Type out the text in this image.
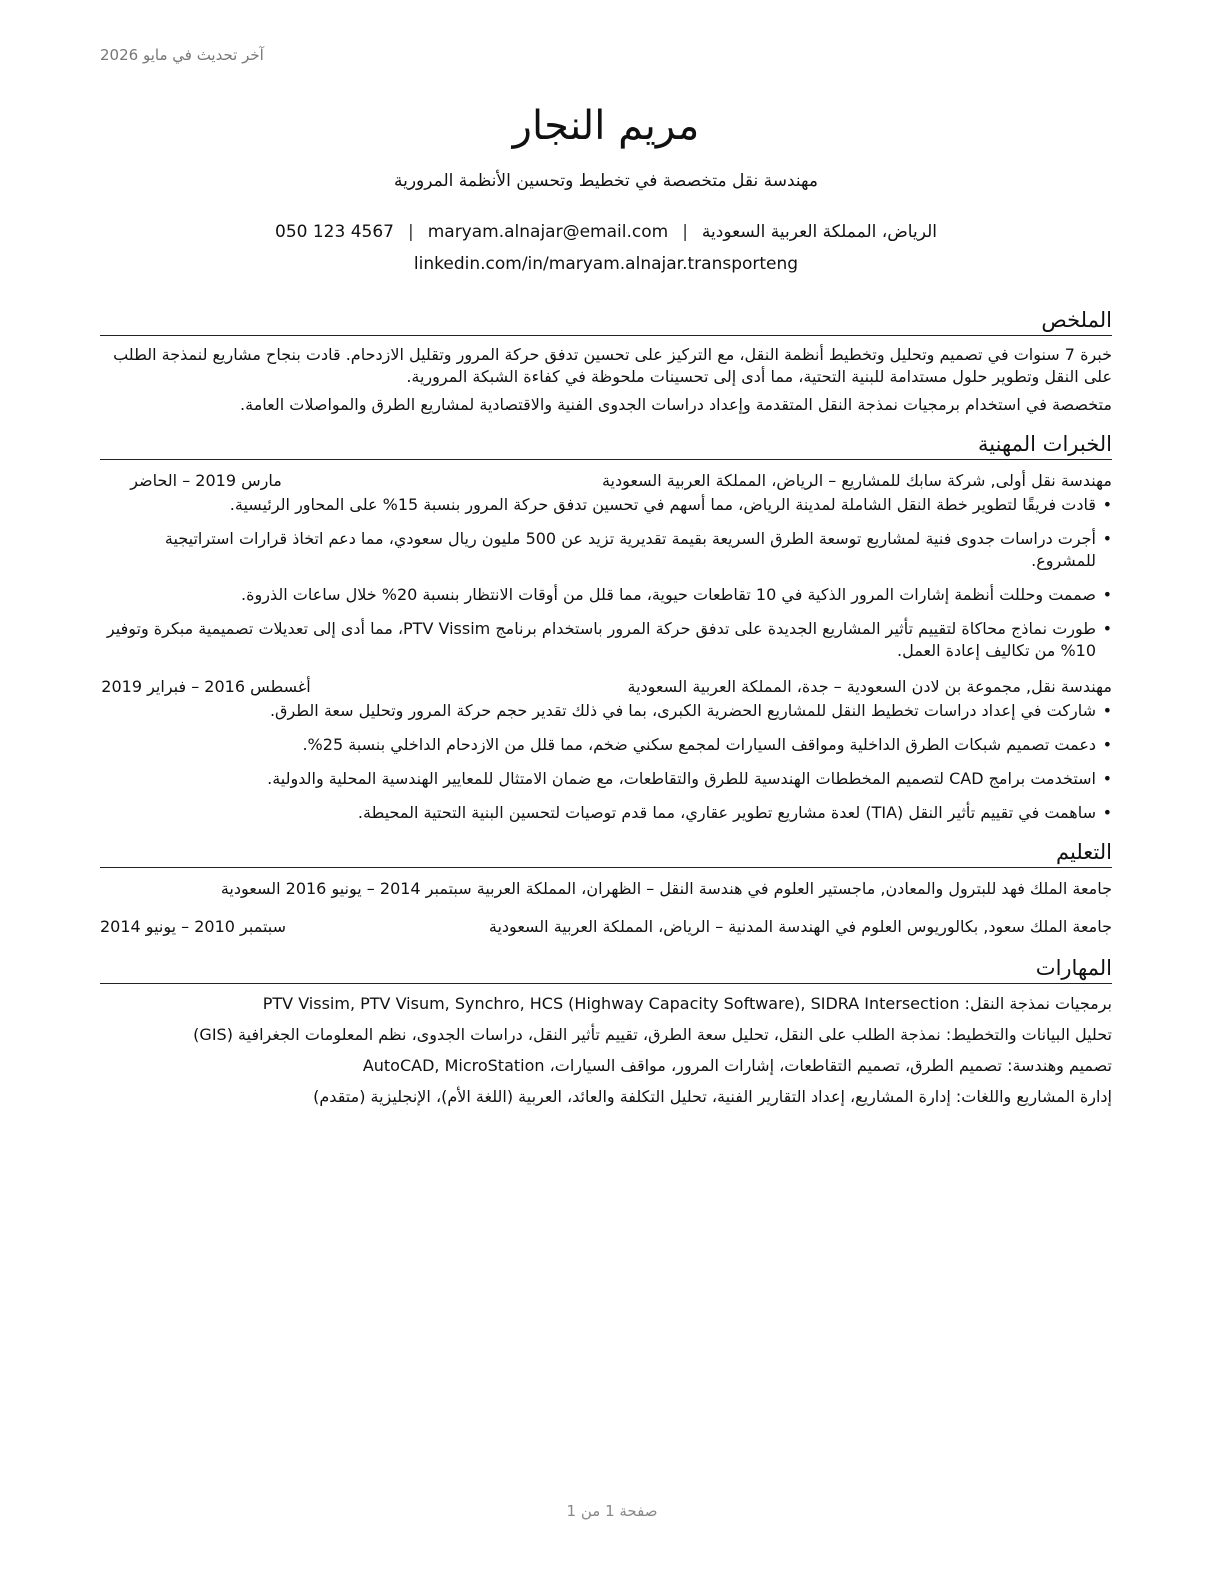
آخر تحديث في مايو 2026
مريم النجار
مهندسة نقل متخصصة في تخطيط وتحسين الأنظمة المرورية
الرياض، المملكة العربية السعودية|maryam.alnajar@email.com|050 123 4567
linkedin.com/in/maryam.alnajar.transporteng
الملخص

خبرة 7 سنوات في تصميم وتحليل وتخطيط أنظمة النقل، مع التركيز على تحسين تدفق حركة المرور وتقليل الازدحام. قادت بنجاح مشاريع لنمذجة الطلب على النقل وتطوير حلول مستدامة للبنية التحتية، مما أدى إلى تحسينات ملحوظة في كفاءة الشبكة المرورية.

متخصصة في استخدام برمجيات نمذجة النقل المتقدمة وإعداد دراسات الجدوى الفنية والاقتصادية لمشاريع الطرق والمواصلات العامة.

الخبرات المهنية
مهندسة نقل أولى, شركة سابك للمشاريع – الرياض، المملكة العربية السعودية
مارس 2019 – الحاضر
•
قادت فريقًا لتطوير خطة النقل الشاملة لمدينة الرياض، مما أسهم في تحسين تدفق حركة المرور بنسبة 15% على المحاور الرئيسية.
•
أجرت دراسات جدوى فنية لمشاريع توسعة الطرق السريعة بقيمة تقديرية تزيد عن 500 مليون ريال سعودي، مما دعم اتخاذ قرارات استراتيجية للمشروع.
•
صممت وحللت أنظمة إشارات المرور الذكية في 10 تقاطعات حيوية، مما قلل من أوقات الانتظار بنسبة 20% خلال ساعات الذروة.
•
طورت نماذج محاكاة لتقييم تأثير المشاريع الجديدة على تدفق حركة المرور باستخدام برنامج PTV Vissim، مما أدى إلى تعديلات تصميمية مبكرة وتوفير 10% من تكاليف إعادة العمل.
مهندسة نقل, مجموعة بن لادن السعودية – جدة، المملكة العربية السعودية
أغسطس 2016 – فبراير 2019
•
شاركت في إعداد دراسات تخطيط النقل للمشاريع الحضرية الكبرى، بما في ذلك تقدير حجم حركة المرور وتحليل سعة الطرق.
•
دعمت تصميم شبكات الطرق الداخلية ومواقف السيارات لمجمع سكني ضخم، مما قلل من الازدحام الداخلي بنسبة 25%.
•
استخدمت برامج CAD لتصميم المخططات الهندسية للطرق والتقاطعات، مع ضمان الامتثال للمعايير الهندسية المحلية والدولية.
•
ساهمت في تقييم تأثير النقل (TIA) لعدة مشاريع تطوير عقاري، مما قدم توصيات لتحسين البنية التحتية المحيطة.
التعليم
جامعة الملك فهد للبترول والمعادن, ماجستير العلوم في هندسة النقل – الظهران، المملكة العربية سبتمبر 2014 – يونيو 2016 السعودية
جامعة الملك سعود, بكالوريوس العلوم في الهندسة المدنية – الرياض، المملكة العربية السعودية
سبتمبر 2010 – يونيو 2014
المهارات
برمجيات نمذجة النقل: PTV Vissim, PTV Visum, Synchro, HCS (Highway Capacity Software), SIDRA Intersection
تحليل البيانات والتخطيط: نمذجة الطلب على النقل، تحليل سعة الطرق، تقييم تأثير النقل، دراسات الجدوى، نظم المعلومات الجغرافية (GIS)
تصميم وهندسة: تصميم الطرق، تصميم التقاطعات، إشارات المرور، مواقف السيارات، AutoCAD, MicroStation
إدارة المشاريع واللغات: إدارة المشاريع، إعداد التقارير الفنية، تحليل التكلفة والعائد، العربية (اللغة الأم)، الإنجليزية (متقدم)
صفحة 1 من 1
